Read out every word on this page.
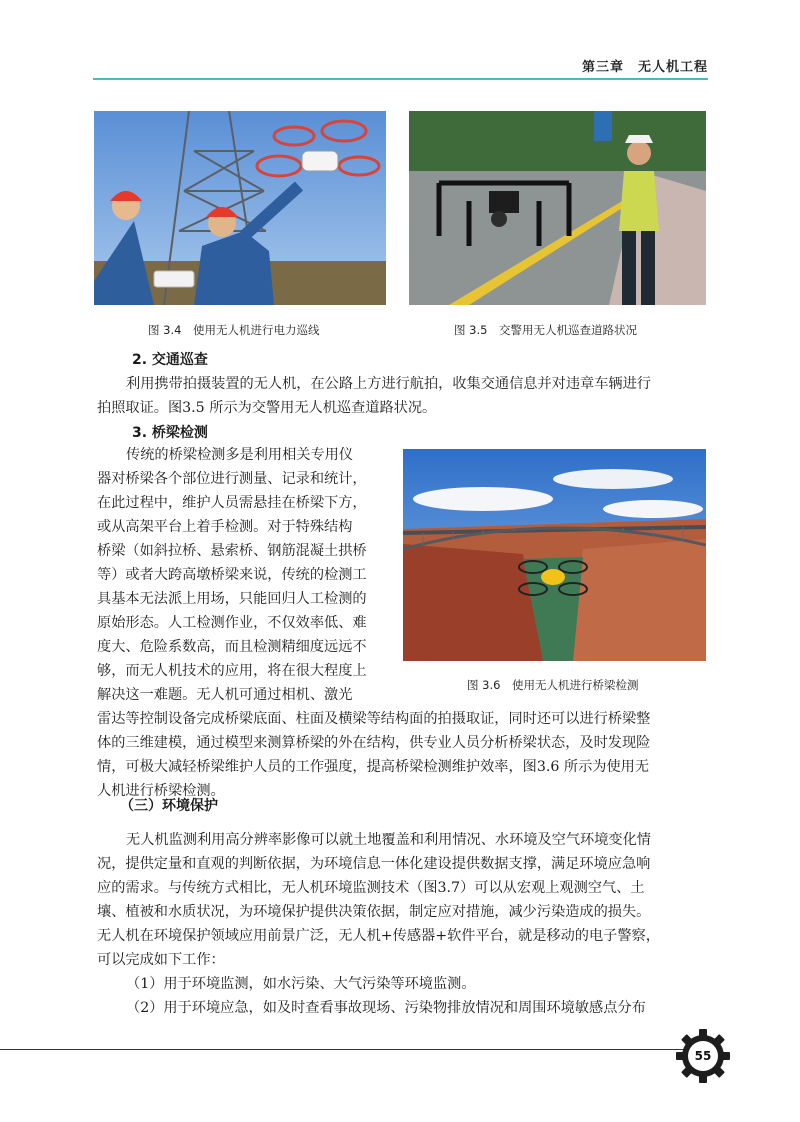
第三章　无人机工程
图 3.4　使用无人机进行电力巡线	图 3.5　交警用无人机巡查道路状况
2. 交通巡查
利用携带拍摄装置的无人机，在公路上方进行航拍，收集交通信息并对违章车辆进行
拍照取证。图3.5 所示为交警用无人机巡查道路状况。
3. 桥梁检测
传统的桥梁检测多是利用相关专用仪
器对桥梁各个部位进行测量、记录和统计，
在此过程中，维护人员需悬挂在桥梁下方，
或从高架平台上着手检测。对于特殊结构
桥梁（如斜拉桥、悬索桥、钢筋混凝土拱桥
等）或者大跨高墩桥梁来说，传统的检测工
具基本无法派上用场，只能回归人工检测的
原始形态。人工检测作业，不仅效率低、难
度大、危险系数高，而且检测精细度远远不
够，而无人机技术的应用，将在很大程度上
解决这一难题。无人机可通过相机、激光
雷达等控制设备完成桥梁底面、柱面及横梁等结构面的拍摄取证，同时还可以进行桥梁整
体的三维建模，通过模型来测算桥梁的外在结构，供专业人员分析桥梁状态，及时发现险
情，可极大减轻桥梁维护人员的工作强度，提高桥梁检测维护效率，图3.6 所示为使用无
人机进行桥梁检测。
图 3.6　使用无人机进行桥梁检测
（三）环境保护
无人机监测利用高分辨率影像可以就土地覆盖和利用情况、水环境及空气环境变化情
况，提供定量和直观的判断依据，为环境信息一体化建设提供数据支撑，满足环境应急响
应的需求。与传统方式相比，无人机环境监测技术（图3.7）可以从宏观上观测空气、土
壤、植被和水质状况，为环境保护提供决策依据，制定应对措施，减少污染造成的损失。
无人机在环境保护领域应用前景广泛，无人机+传感器+软件平台，就是移动的电子警察，
可以完成如下工作：
（1）用于环境监测，如水污染、大气污染等环境监测。
（2）用于环境应急，如及时查看事故现场、污染物排放情况和周围环境敏感点分布
55
